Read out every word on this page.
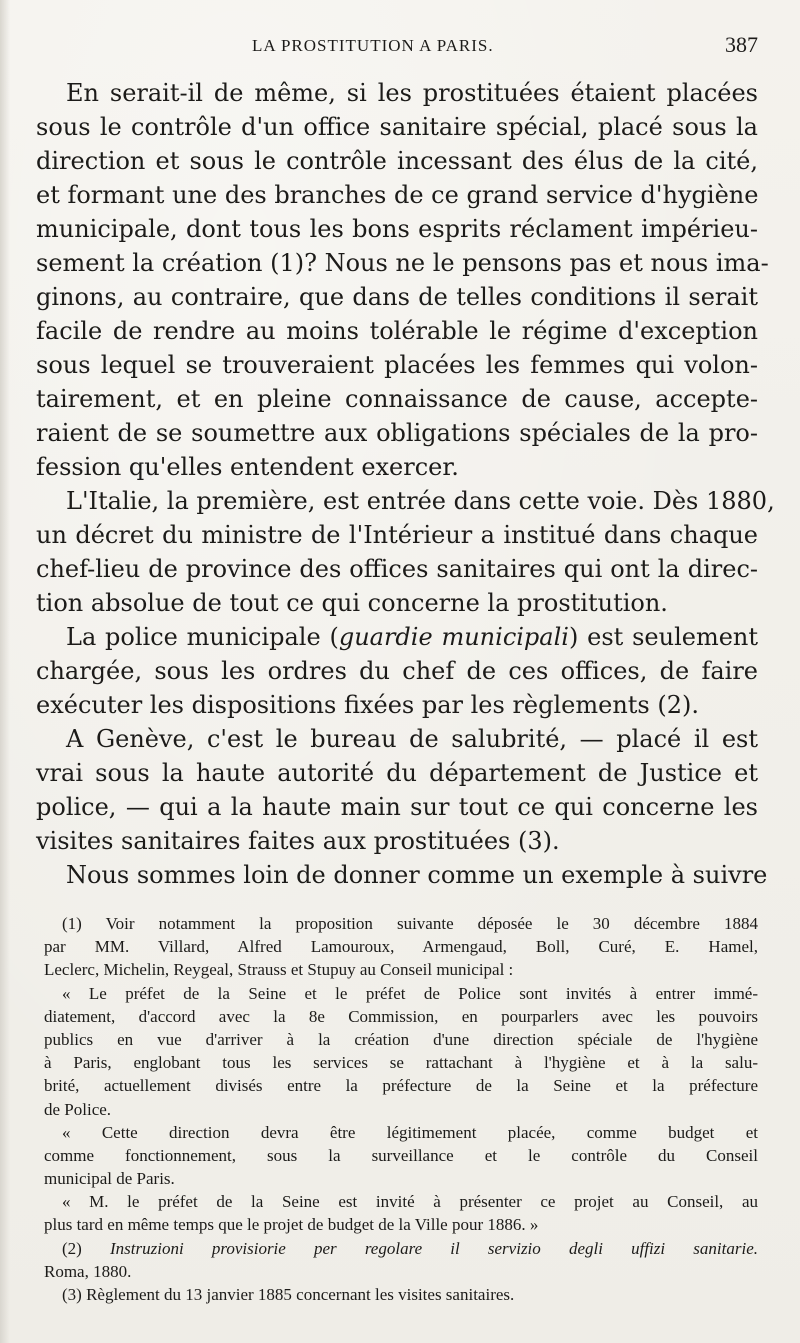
LA PROSTITUTION A PARIS.	387
En serait-il de même, si les prostituées étaient placées
sous le contrôle d'un office sanitaire spécial, placé sous la
direction et sous le contrôle incessant des élus de la cité,
et formant une des branches de ce grand service d'hygiène
municipale, dont tous les bons esprits réclament impérieu-
sement la création (1)? Nous ne le pensons pas et nous ima-
ginons, au contraire, que dans de telles conditions il serait
facile de rendre au moins tolérable le régime d'exception
sous lequel se trouveraient placées les femmes qui volon-
tairement, et en pleine connaissance de cause, accepte-
raient de se soumettre aux obligations spéciales de la pro-
fession qu'elles entendent exercer.
L'Italie, la première, est entrée dans cette voie. Dès 1880,
un décret du ministre de l'Intérieur a institué dans chaque
chef-lieu de province des offices sanitaires qui ont la direc-
tion absolue de tout ce qui concerne la prostitution.
La police municipale (guardie municipali) est seulement
chargée, sous les ordres du chef de ces offices, de faire
exécuter les dispositions fixées par les règlements (2).
A Genève, c'est le bureau de salubrité, — placé il est
vrai sous la haute autorité du département de Justice et
police, — qui a la haute main sur tout ce qui concerne les
visites sanitaires faites aux prostituées (3).
Nous sommes loin de donner comme un exemple à suivre
(1) Voir notamment la proposition suivante déposée le 30 décembre 1884
par MM. Villard, Alfred Lamouroux, Armengaud, Boll, Curé, E. Hamel,
Leclerc, Michelin, Reygeal, Strauss et Stupuy au Conseil municipal :
« Le préfet de la Seine et le préfet de Police sont invités à entrer immé-
diatement, d'accord avec la 8e Commission, en pourparlers avec les pouvoirs
publics en vue d'arriver à la création d'une direction spéciale de l'hygiène
à Paris, englobant tous les services se rattachant à l'hygiène et à la salu-
brité, actuellement divisés entre la préfecture de la Seine et la préfecture
de Police.
« Cette direction devra être légitimement placée, comme budget et
comme fonctionnement, sous la surveillance et le contrôle du Conseil
municipal de Paris.
« M. le préfet de la Seine est invité à présenter ce projet au Conseil, au
plus tard en même temps que le projet de budget de la Ville pour 1886. »
(2) Instruzioni provisiorie per regolare il servizio degli uffizi sanitarie.
Roma, 1880.
(3) Règlement du 13 janvier 1885 concernant les visites sanitaires.
